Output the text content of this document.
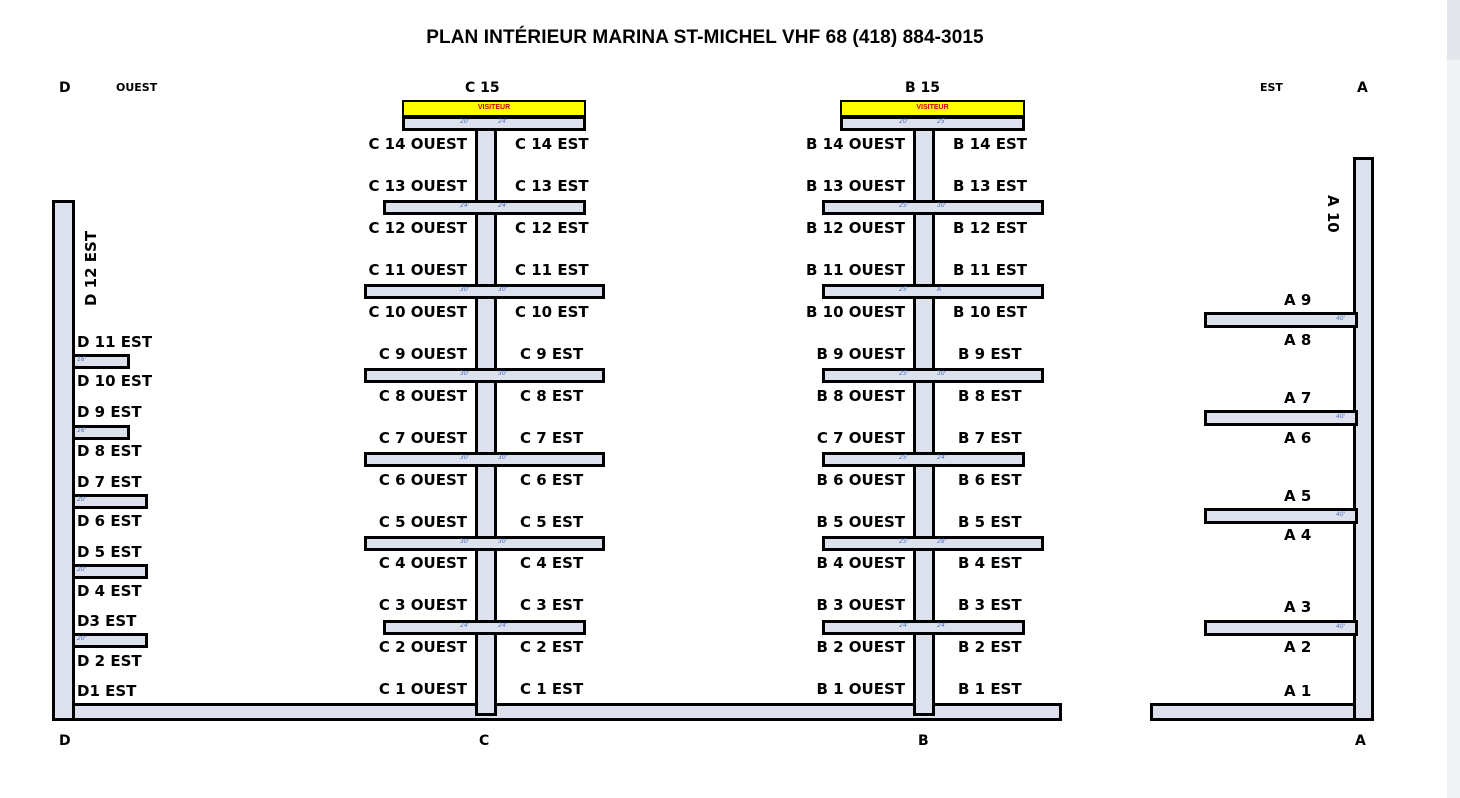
PLAN INTÉRIEUR MARINA ST-MICHEL VHF 68 (418) 884-3015
D	OUEST	C 15	B 15	EST	A
D	C	B	A
D 12 EST
VISITEUR	VISITEUR
A 10
C 14 OUEST
C 13 OUEST
C 12 OUEST
C 11 OUEST
C 10 OUEST
C 9 OUEST
C 8 OUEST
C 7 OUEST
C 6 OUEST
C 5 OUEST
C 4 OUEST
C 3 OUEST
C 2 OUEST
C 1 OUEST
C 14 EST
C 13 EST
C 12 EST
C 11 EST
C 10 EST
C 9 EST
C 8 EST
C 7 EST
C 6 EST
C 5 EST
C 4 EST
C 3 EST
C 2 EST
C 1 EST
20'	24'
24'	24'
30'	30'
30'	30'
30'	30'
30'	30'
24'	24'
B 14 OUEST
B 13 OUEST
B 12 OUEST
B 11 OUEST
B 10 OUEST
B 9 OUEST
B 8 OUEST
C 7 OUEST
B 6 OUEST
B 5 OUEST
B 4 OUEST
B 3 OUEST
B 2 OUEST
B 1 OUEST
B 14 EST
B 13 EST
B 12 EST
B 11 EST
B 10 EST
B 9 EST
B 8 EST
B 7 EST
B 6 EST
B 5 EST
B 4 EST
B 3 EST
B 2 EST
B 1 EST
20'	25'
25'	30'
25'	A
25'	30'
25'	24'
25'	28'
24'	24'
D 11 EST
D 10 EST
D 9 EST
D 8 EST
D 7 EST
D 6 EST
D 5 EST
D 4 EST
D3 EST
D 2 EST
D1 EST
16'
16'
20'
20'
20'
A 9
A 8
A 7
A 6
A 5
A 4
A 3
A 2
A 1
40'
40'
40'
40'
